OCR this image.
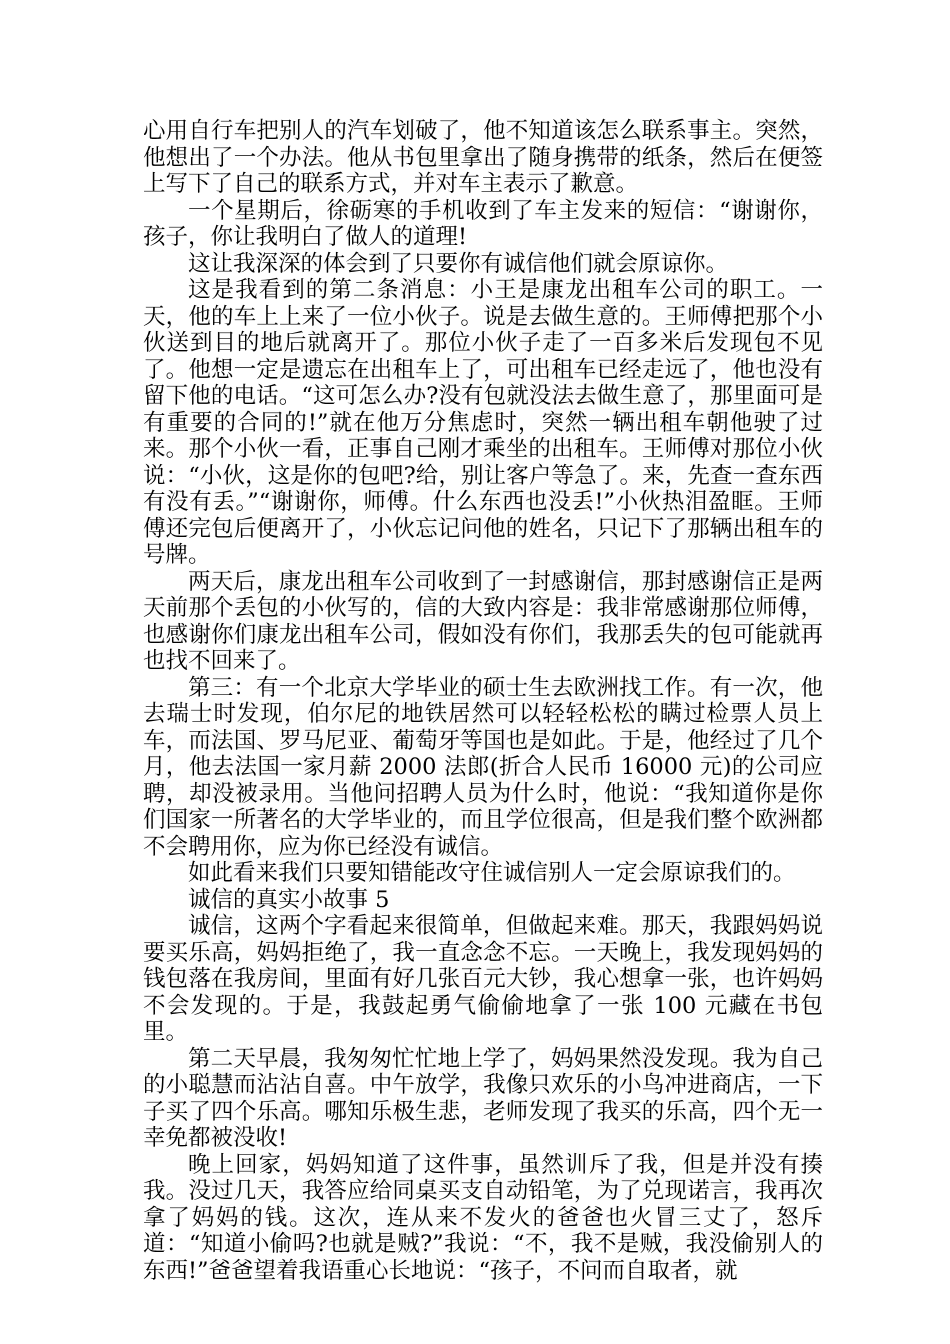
心用自行车把别人的汽车划破了，他不知道该怎么联系事主。突然，他想出了一个办法。他从书包里拿出了随身携带的纸条，然后在便签上写下了自己的联系方式，并对车主表示了歉意。

一个星期后，徐砺寒的手机收到了车主发来的短信：“谢谢你，孩子，你让我明白了做人的道理!

这让我深深的体会到了只要你有诚信他们就会原谅你。

这是我看到的第二条消息：小王是康龙出租车公司的职工。一天，他的车上上来了一位小伙子。说是去做生意的。王师傅把那个小伙送到目的地后就离开了。那位小伙子走了一百多米后发现包不见了。他想一定是遗忘在出租车上了，可出租车已经走远了，他也没有留下他的电话。“这可怎么办?没有包就没法去做生意了，那里面可是有重要的合同的!”就在他万分焦虑时，突然一辆出租车朝他驶了过来。那个小伙一看，正事自己刚才乘坐的出租车。王师傅对那位小伙说：“小伙，这是你的包吧?给，别让客户等急了。来，先查一查东西有没有丢。”“谢谢你，师傅。什么东西也没丢!”小伙热泪盈眶。王师傅还完包后便离开了，小伙忘记问他的姓名，只记下了那辆出租车的号牌。

两天后，康龙出租车公司收到了一封感谢信，那封感谢信正是两天前那个丢包的小伙写的，信的大致内容是：我非常感谢那位师傅，也感谢你们康龙出租车公司，假如没有你们，我那丢失的包可能就再也找不回来了。

第三：有一个北京大学毕业的硕士生去欧洲找工作。有一次，他去瑞士时发现，伯尔尼的地铁居然可以轻轻松松的瞒过检票人员上车，而法国、罗马尼亚、葡萄牙等国也是如此。于是，他经过了几个月，他去法国一家月薪 2000 法郎(折合人民币 16000 元)的公司应聘，却没被录用。当他问招聘人员为什么时，他说：“我知道你是你们国家一所著名的大学毕业的，而且学位很高，但是我们整个欧洲都不会聘用你，应为你已经没有诚信。

如此看来我们只要知错能改守住诚信别人一定会原谅我们的。

诚信的真实小故事 5

诚信，这两个字看起来很简单，但做起来难。那天，我跟妈妈说要买乐高，妈妈拒绝了，我一直念念不忘。一天晚上，我发现妈妈的钱包落在我房间，里面有好几张百元大钞，我心想拿一张，也许妈妈不会发现的。于是，我鼓起勇气偷偷地拿了一张 100 元藏在书包里。

第二天早晨，我匆匆忙忙地上学了，妈妈果然没发现。我为自己的小聪慧而沾沾自喜。中午放学，我像只欢乐的小鸟冲进商店，一下子买了四个乐高。哪知乐极生悲，老师发现了我买的乐高，四个无一幸免都被没收!

晚上回家，妈妈知道了这件事，虽然训斥了我，但是并没有揍我。没过几天，我答应给同桌买支自动铅笔，为了兑现诺言，我再次拿了妈妈的钱。这次，连从来不发火的爸爸也火冒三丈了，怒斥道：“知道小偷吗?也就是贼?”我说：“不，我不是贼，我没偷别人的东西!”爸爸望着我语重心长地说：“孩子，不问而自取者，就
